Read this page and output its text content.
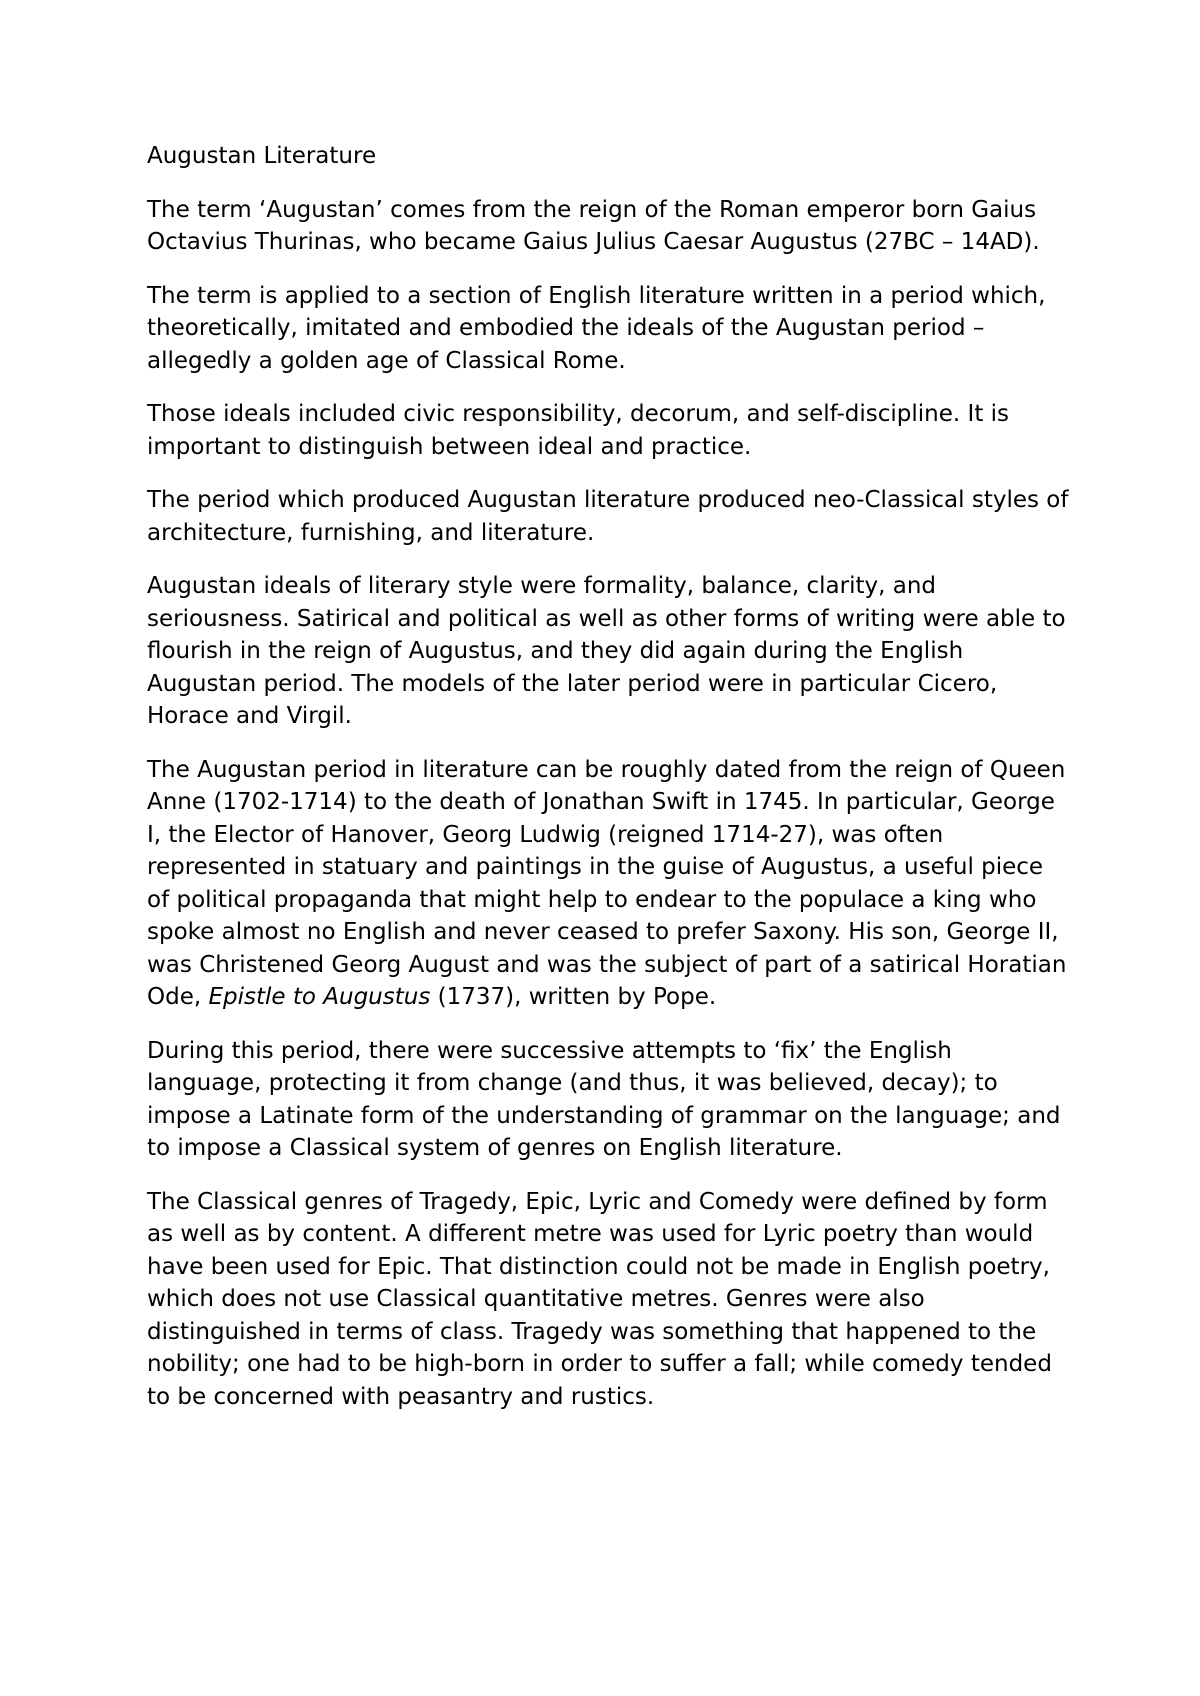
Augustan Literature

The term ‘Augustan’ comes from the reign of the Roman emperor born Gaius Octavius Thurinas, who became Gaius Julius Caesar Augustus (27BC – 14AD).

The term is applied to a section of English literature written in a period which, theoretically, imitated and embodied the ideals of the Augustan period – allegedly a golden age of Classical Rome.

Those ideals included civic responsibility, decorum, and self-discipline. It is important to distinguish between ideal and practice.

The period which produced Augustan literature produced neo-Classical styles of architecture, furnishing, and literature.

Augustan ideals of literary style were formality, balance, clarity, and seriousness. Satirical and political as well as other forms of writing were able to flourish in the reign of Augustus, and they did again during the English Augustan period. The models of the later period were in particular Cicero, Horace and Virgil.

The Augustan period in literature can be roughly dated from the reign of Queen Anne (1702-1714) to the death of Jonathan Swift in 1745. In particular, George I, the Elector of Hanover, Georg Ludwig (reigned 1714-27), was often represented in statuary and paintings in the guise of Augustus, a useful piece of political propaganda that might help to endear to the populace a king who spoke almost no English and never ceased to prefer Saxony. His son, George II, was Christened Georg August and was the subject of part of a satirical Horatian Ode, Epistle to Augustus (1737), written by Pope.

During this period, there were successive attempts to ‘fix’ the English language, protecting it from change (and thus, it was believed, decay); to impose a Latinate form of the understanding of grammar on the language; and to impose a Classical system of genres on English literature.

The Classical genres of Tragedy, Epic, Lyric and Comedy were defined by form as well as by content. A different metre was used for Lyric poetry than would have been used for Epic. That distinction could not be made in English poetry, which does not use Classical quantitative metres. Genres were also distinguished in terms of class. Tragedy was something that happened to the nobility; one had to be high-born in order to suffer a fall; while comedy tended to be concerned with peasantry and rustics.
